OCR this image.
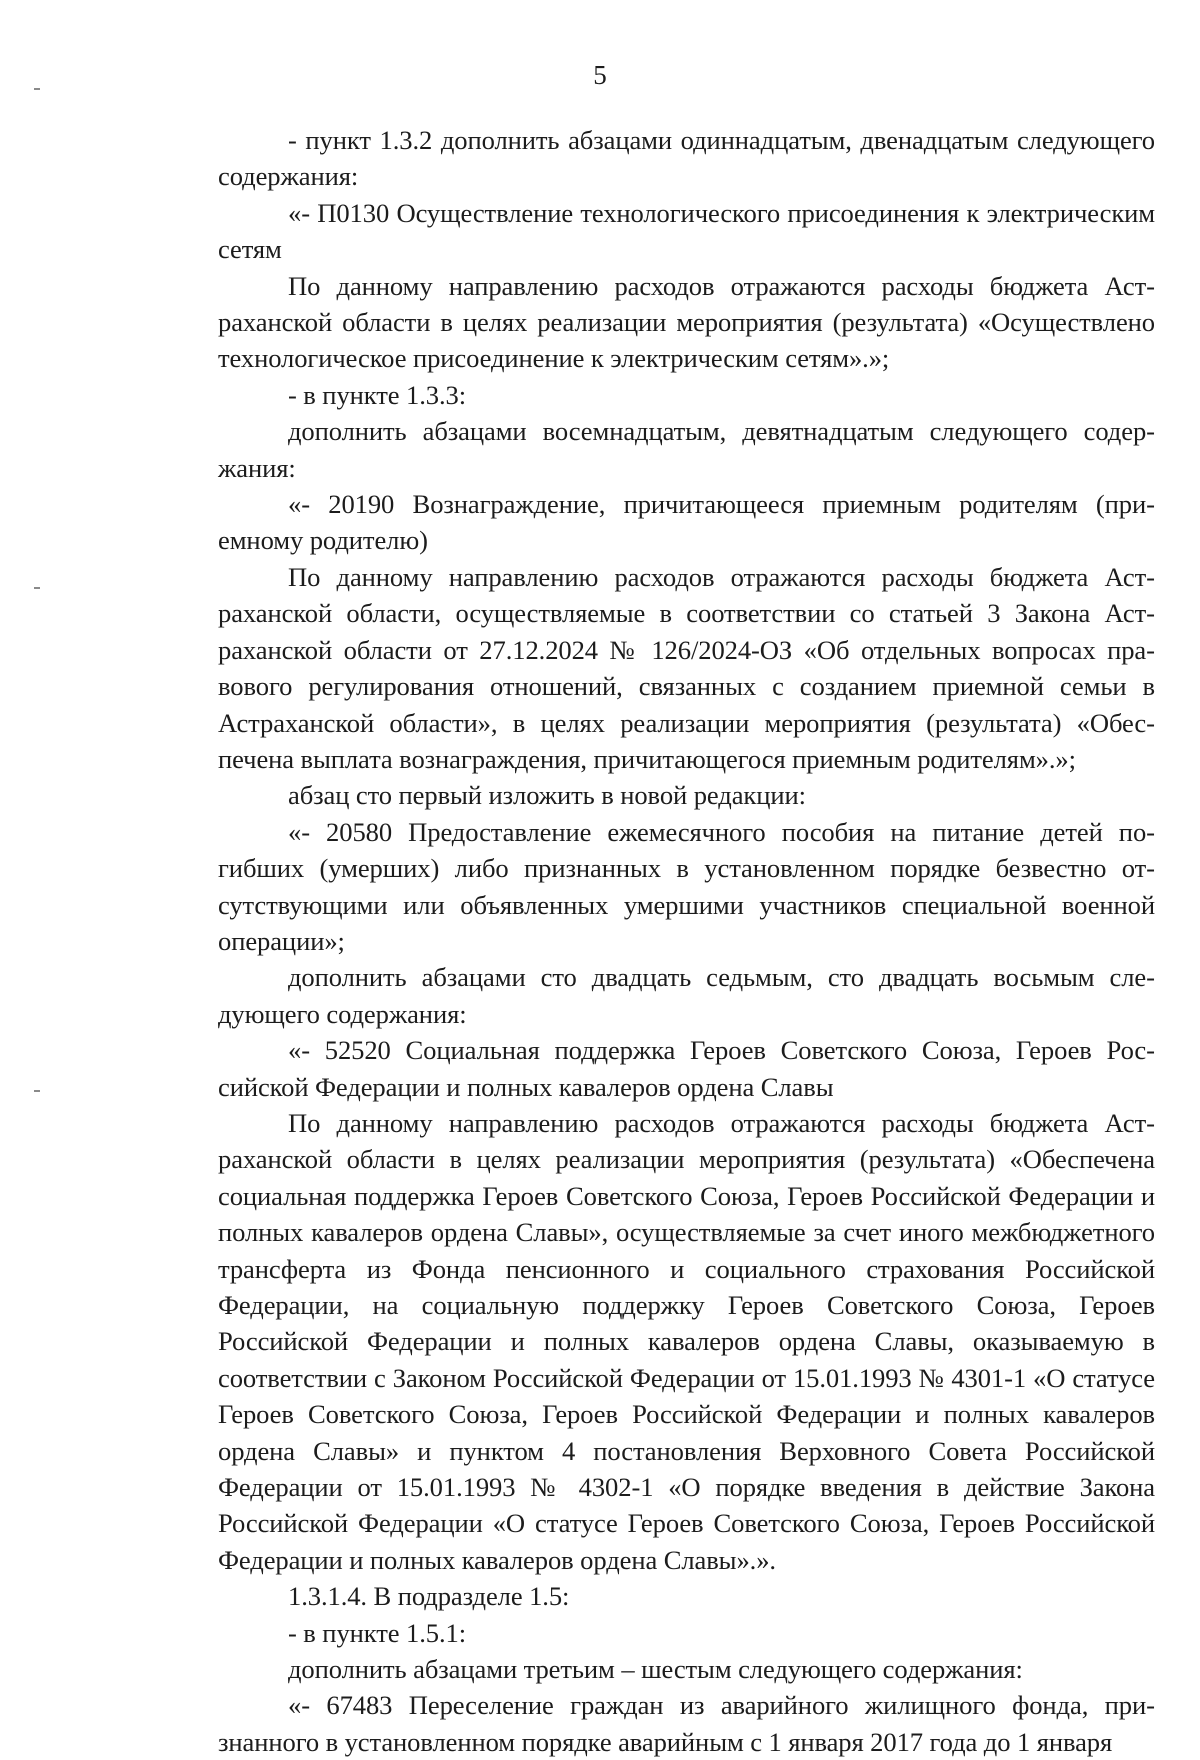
5

- пункт 1.3.2 дополнить абзацами одиннадцатым, двенадцатым следующего содержания:

«- П0130 Осуществление технологического присоединения к электрическим сетям

По данному направлению расходов отражаются расходы бюджета Астраханской области в целях реализации мероприятия (результата) «Осуществлено технологическое присоединение к электрическим сетям».»;

- в пункте 1.3.3:

дополнить абзацами восемнадцатым, девятнадцатым следующего содержания:

«- 20190 Вознаграждение, причитающееся приемным родителям (приемному родителю)

По данному направлению расходов отражаются расходы бюджета Астраханской области, осуществляемые в соответствии со статьей 3 Закона Астраханской области от 27.12.2024 № 126/2024-ОЗ «Об отдельных вопросах правового регулирования отношений, связанных с созданием приемной семьи в Астраханской области», в целях реализации мероприятия (результата) «Обеспечена выплата вознаграждения, причитающегося приемным родителям».»;

абзац сто первый изложить в новой редакции:

«- 20580 Предоставление ежемесячного пособия на питание детей погибших (умерших) либо признанных в установленном порядке безвестно отсутствующими или объявленных умершими участников специальной военной операции»;

дополнить абзацами сто двадцать седьмым, сто двадцать восьмым следующего содержания:

«- 52520 Социальная поддержка Героев Советского Союза, Героев Российской Федерации и полных кавалеров ордена Славы

По данному направлению расходов отражаются расходы бюджета Астраханской области в целях реализации мероприятия (результата) «Обеспечена социальная поддержка Героев Советского Союза, Героев Российской Федерации и полных кавалеров ордена Славы», осуществляемые за счет иного межбюджетного трансферта из Фонда пенсионного и социального страхования Российской Федерации, на социальную поддержку Героев Советского Союза, Героев Российской Федерации и полных кавалеров ордена Славы, оказываемую в соответствии с Законом Российской Федерации от 15.01.1993 № 4301-1 «О статусе Героев Советского Союза, Героев Российской Федерации и полных кавалеров ордена Славы» и пунктом 4 постановления Верховного Совета Российской Федерации от 15.01.1993 № 4302-1 «О порядке введения в действие Закона Российской Федерации «О статусе Героев Советского Союза, Героев Российской Федерации и полных кавалеров ордена Славы».».

1.3.1.4. В подразделе 1.5:

- в пункте 1.5.1:

дополнить абзацами третьим – шестым следующего содержания:

«- 67483 Переселение граждан из аварийного жилищного фонда, признанного в установленном порядке аварийным с 1 января 2017 года до 1 января
